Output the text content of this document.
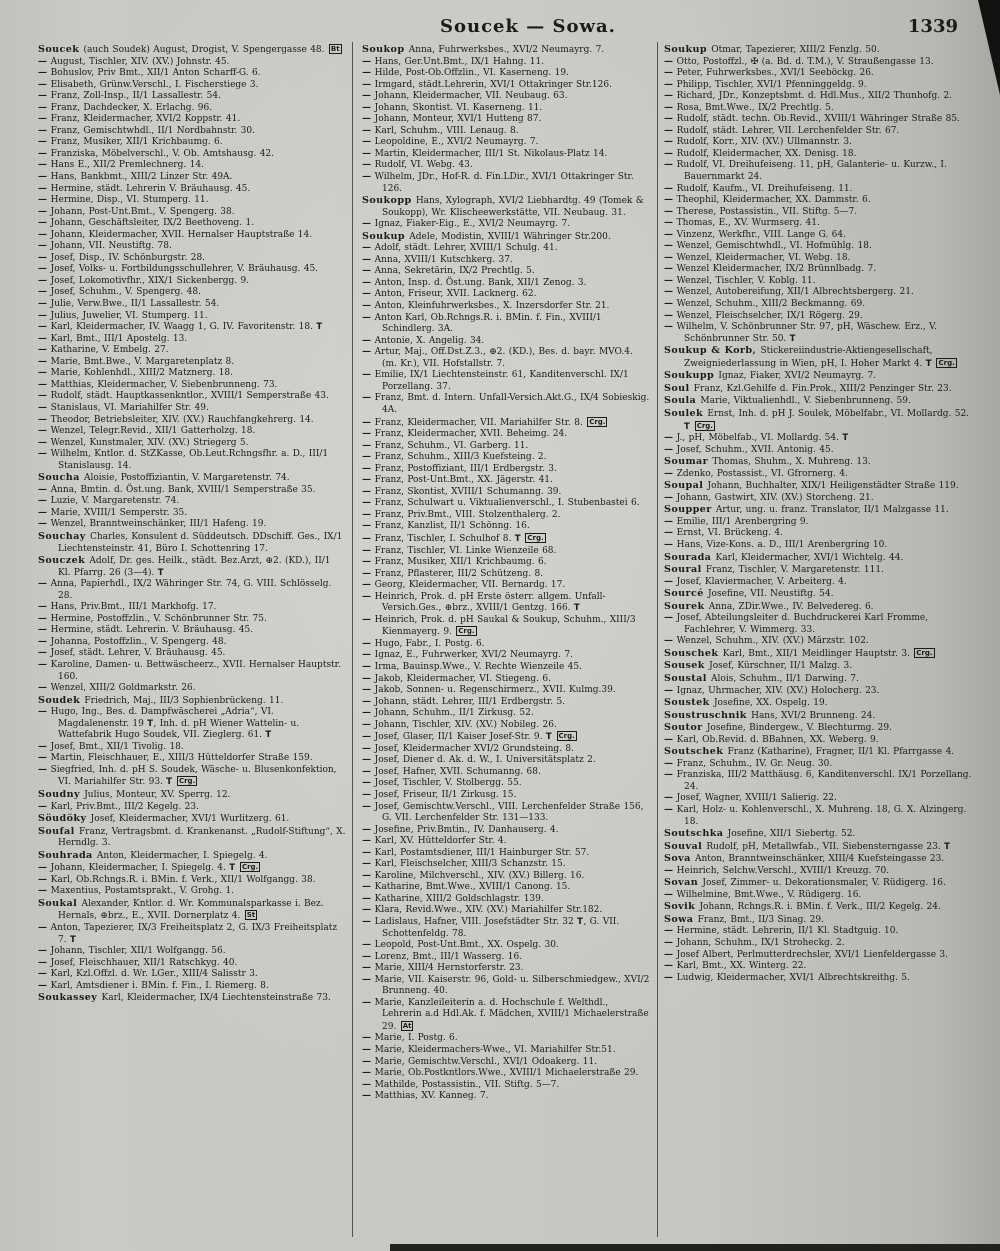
Soucek — Sowa.	1339
Soucek (auch Soudek) August, Drogist, V. Spengergasse 48. Bt
— August, Tischler, XIV. (XV.) Johnstr. 45.
— Bohuslov, Priv Bmt., XII/1 Anton Scharff-G. 6.
— Elisabeth, Grünw.Verschl., I. Fischerstiege 3.
— Franz, Zoll-Insp., II/1 Lassallestr. 54.
— Franz, Dachdecker, X. Erlachg. 96.
— Franz, Kleidermacher, XVI/2 Koppstr. 41.
— Franz, Gemischtwhdl., II/1 Nordbahnstr. 30.
— Franz, Musiker, XII/1 Krichbaumg. 6.
— Franziska, Möbelverschl., V. Ob. Amtshausg. 42.
— Hans E., XII/2 Premlechnerg. 14.
— Hans, Bankbmt., XIII/2 Linzer Str. 49A.
— Hermine, städt. Lehrerin V. Bräuhausg. 45.
— Hermine, Disp., VI. Stumperg. 11.
— Johann, Post-Unt.Bmt., V. Spengerg. 38.
— Johann, Geschäftsleiter, IX/2 Beethoveng. 1.
— Johann, Kleidermacher, XVII. Hernalser Hauptstraße 14.
— Johann, VII. Neustiftg. 78.
— Josef, Disp., IV. Schönburgstr. 28.
— Josef, Volks- u. Fortbildungsschullehrer, V. Bräuhausg. 45.
— Josef, Lokomotivfhr., XIX/1 Sickenbergg. 9.
— Josef, Schuhm., V. Spengerg. 48.
— Julie, Verw.Bwe., II/1 Lassallestr. 54.
— Julius, Juwelier, VI. Stumperg. 11.
— Karl, Kleidermacher, IV. Waagg 1, G. IV. Favoritenstr. 18. T
— Karl, Bmt., III/1 Apostelg. 13.
— Katharine, V. Embelg. 27.
— Marie, Bmt.Bwe., V. Margaretenplatz 8.
— Marie, Kohlenhdl., XIII/2 Matznerg. 18.
— Matthias, Kleidermacher, V. Siebenbrunneng. 73.
— Rudolf, städt. Hauptkassenkntlor., XVIII/1 Semperstraße 43.
— Stanislaus, VI. Mariahilfer Str. 49.
— Theodor, Betriebsleiter, XIV. (XV.) Rauchfangkehrerg. 14.
— Wenzel, Telegr.Revid., XII/1 Gatterholzg. 18.
— Wenzel, Kunstmaler, XIV. (XV.) Striegerg 5.
— Wilhelm, Kntlor. d. StZKasse, Ob.Leut.Rchngsfhr. a. D., III/1 Stanislausg. 14.
Soucha Aloisie, Postoffiziantin, V. Margaretenstr. 74.
— Anna, Bmtin. d. Öst.ung. Bank, XVIII/1 Semperstraße 35.
— Luzie, V. Margaretenstr. 74.
— Marie, XVIII/1 Semperstr. 35.
— Wenzel, Branntweinschänker, III/1 Hafeng. 19.
Souchay Charles, Konsulent d. Süddeutsch. DDschiff. Ges., IX/1 Liechtensteinstr. 41, Büro I. Schottenring 17.
Souczek Adolf, Dr. ges. Heilk., städt. Bez.Arzt, ⊕2. (KD.), II/1 Kl. Pfarrg. 26 (3—4). T
— Anna, Papierhdl., IX/2 Währinger Str. 74, G. VIII. Schlösselg. 28.
— Hans, Priv.Bmt., III/1 Markhofg. 17.
— Hermine, Postoffzlin., V. Schönbrunner Str. 75.
— Hermine, städt. Lehrerin. V. Bräuhausg. 45.
— Johanna, Postoffzlin., V. Spengerg. 48.
— Josef, städt. Lehrer, V. Bräuhausg. 45.
— Karoline, Damen- u. Bettwäscheerz., XVII. Hernalser Hauptstr. 160.
— Wenzel, XIII/2 Goldmarkstr. 26.
Soudek Friedrich, Maj., III/3 Sophienbrückeng. 11.
— Hugo, Ing., Bes. d. Dampfwäscherei „Adria“, VI. Magdalenenstr. 19 T, Inh. d. pH Wiener Wattelin- u. Wattefabrik Hugo Soudek, VII. Zieglerg. 61. T
— Josef, Bmt., XII/1 Tivolig. 18.
— Martin, Fleischhauer, E., XIII/3 Hütteldorfer Straße 159.
— Siegfried, Inh. d. pH S. Soudek, Wäsche- u. Blusenkonfektion, VI. Mariahilfer Str. 93. T Crg.
Soudny Julius, Monteur, XV. Sperrg. 12.
— Karl, Priv.Bmt., III/2 Kegelg. 23.
Söudöky Josef, Kleidermacher, XVI/1 Wurlitzerg. 61.
Soufal Franz, Vertragsbmt. d. Krankenanst. „Rudolf-Stiftung“, X. Herndlg. 3.
Souhrada Anton, Kleidermacher, I. Spiegelg. 4.
— Johann, Kleidermacher, I. Spiegelg. 4. T Crg.
— Karl, Ob.Rchngs.R. i. BMin. f. Verk., XII/1 Wolfgangg. 38.
— Maxentius, Postamtsprakt., V. Grohg. 1.
Soukal Alexander, Kntlor. d. Wr. Kommunalsparkasse i. Bez. Hernals, ⊕brz., E., XVII. Dornerplatz 4. St
— Anton, Tapezierer, IX/3 Freiheitsplatz 2, G. IX/3 Freiheitsplatz 7. T
— Johann, Tischler, XII/1 Wolfgangg. 56.
— Josef, Fleischhauer, XII/1 Ratschkyg. 40.
— Karl, Kzl.Offzl. d. Wr. LGer., XIII/4 Salisstr 3.
— Karl, Amtsdiener i. BMin. f. Fin., I. Riemerg. 8.
Soukassey Karl, Kleidermacher, IX/4 Liechtensteinstraße 73.
Soukop Anna, Fuhrwerksbes., XVI/2 Neumayrg. 7.
— Hans, Ger.Unt.Bmt., IX/1 Hahng. 11.
— Hilde, Post-Ob.Offzlin., VI. Kaserneng. 19.
— Irmgard, städt.Lehrerin, XVI/1 Ottakringer Str.126.
— Johann, Kleidermacher, VII. Neubaug. 63.
— Johann, Skontist. VI. Kaserneng. 11.
— Johann, Monteur, XVI/1 Hutteng 87.
— Karl, Schuhm., VIII. Lenaug. 8.
— Leopoldine, E., XVI/2 Neumayrg. 7.
— Martin, Kleidermacher, III/1 St. Nikolaus-Platz 14.
— Rudolf, VI. Webg. 43.
— Wilhelm, JDr., Hof-R. d. Fin.LDir., XVI/1 Ottakringer Str. 126.
Soukopp Hans, Xylograph, XVI/2 Liebhardtg. 49 (Tomek & Soukopp), Wr. Klischeewerkstätte, VII. Neubaug. 31.
— Ignaz, Fiaker-Eig., E., XVI/2 Neumayrg. 7.
Soukup Adele, Modistin, XVIII/1 Währinger Str.200.
— Adolf, städt. Lehrer, XVIII/1 Schulg. 41.
— Anna, XVIII/1 Kutschkerg. 37.
— Anna, Sekretärin, IX/2 Prechtlg. 5.
— Anton, Insp. d. Öst.ung. Bank, XII/1 Zenog. 3.
— Anton, Friseur, XVII. Lacknerg. 62.
— Anton, Kleinfuhrwerksbes., X. Inzersdorfer Str. 21.
— Anton Karl, Ob.Rchngs.R. i. BMin. f. Fin., XVIII/1 Schindlerg. 3A.
— Antonie, X. Angelig. 34.
— Artur, Maj., Off.Dst.Z.3., ⊕2. (KD.), Bes. d. bayr. MVO.4. (m. Kr.), VII. Hofstallstr. 7.
— Emilie, IX/1 Liechtensteinstr. 61, Kanditenverschl. IX/1 Porzellang. 37.
— Franz, Bmt. d. Intern. Unfall-Versich.Akt.G., IX/4 Sobieskig. 4A.
— Franz, Kleidermacher, VII. Mariahilfer Str. 8. Crg.
— Franz, Kleidermacher, XVII. Beheimg. 24.
— Franz, Schuhm., VI. Garberg. 11.
— Franz, Schuhm., XIII/3 Kuefsteing. 2.
— Franz, Postoffiziant, III/1 Erdbergstr. 3.
— Franz, Post-Unt.Bmt., XX. Jägerstr. 41.
— Franz, Skontist, XVIII/1 Schumanng. 39.
— Franz, Schulwart u. Viktualienverschl., I. Stubenbastei 6.
— Franz, Priv.Bmt., VIII. Stolzenthalerg. 2.
— Franz, Kanzlist, II/1 Schönng. 16.
— Franz, Tischler, I. Schulhof 8. T Crg.
— Franz, Tischler, VI. Linke Wienzeile 68.
— Franz, Musiker, XII/1 Krichbaumg. 6.
— Franz, Pflasterer, III/2 Schützeng. 8.
— Georg, Kleidermacher, VII. Bernardg. 17.
— Heinrich, Prok. d. pH Erste österr. allgem. Unfall-Versich.Ges., ⊕brz., XVIII/1 Gentzg. 166. T
— Heinrich, Prok. d. pH Saukal & Soukup, Schuhm., XIII/3 Kienmayerg. 9. Crg.
— Hugo, Fabr., I. Postg. 6.
— Ignaz, E., Fuhrwerker, XVI/2 Neumayrg. 7.
— Irma, Bauinsp.Wwe., V. Rechte Wienzeile 45.
— Jakob, Kleidermacher, VI. Stiegeng. 6.
— Jakob, Sonnen- u. Regenschirmerz., XVII. Kulmg.39.
— Johann, städt. Lehrer, III/1 Erdbergstr. 5.
— Johann, Schuhm., II/1 Zirkusg. 52.
— Johann, Tischler, XIV. (XV.) Nobileg. 26.
— Josef, Glaser, II/1 Kaiser Josef-Str. 9. T Crg.
— Josef, Kleidermacher XVI/2 Grundsteing. 8.
— Josef, Diener d. Ak. d. W., I. Universitätsplatz 2.
— Josef, Hafner, XVII. Schumanng. 68.
— Josef, Tischler, V. Stolbergg. 55.
— Josef, Friseur, II/1 Zirkusg. 15.
— Josef, Gemischtw.Verschl., VIII. Lerchenfelder Straße 156, G. VII. Lerchenfelder Str. 131—133.
— Josefine, Priv.Bmtin., IV. Danhauserg. 4.
— Karl, XV. Hütteldorfer Str. 4.
— Karl, Postamtsdiener, III/1 Hainburger Str. 57.
— Karl, Fleischselcher, XIII/3 Schanzstr. 15.
— Karoline, Milchverschl., XIV. (XV.) Billerg. 16.
— Katharine, Bmt.Wwe., XVIII/1 Canong. 15.
— Katharine, XIII/2 Goldschlagstr. 139.
— Klara, Revid.Wwe., XIV. (XV.) Mariahilfer Str.182.
— Ladislaus, Hafner, VIII. Josefstädter Str. 32 T, G. VII. Schottenfeldg. 78.
— Leopold, Post-Unt.Bmt., XX. Ospelg. 30.
— Lorenz, Bmt., III/1 Wasserg. 16.
— Marie, XIII/4 Hernstorferstr. 23.
— Marie, VII. Kaiserstr. 96, Gold- u. Silberschmiedgew., XVI/2 Brunneng. 40.
— Marie, Kanzleileiterin a. d. Hochschule f. Welthdl., Lehrerin a.d Hdl.Ak. f. Mädchen, XVIII/1 Michaelerstraße 29. At
— Marie, I. Postg. 6.
— Marie, Kleidermachers-Wwe., VI. Mariahilfer Str.51.
— Marie, Gemischtw.Verschl., XVI/1 Odoakerg. 11.
— Marie, Ob.Postkntlors.Wwe., XVIII/1 Michaelerstraße 29.
— Mathilde, Postassistin., VII. Stiftg. 5—7.
— Matthias, XV. Kanneg. 7.
Soukup Otmar, Tapezierer, XIII/2 Fenzlg. 50.
— Otto, Postoffzl., ✠ (a. Bd. d. T.M.), V. Straußengasse 13.
— Peter, Fuhrwerksbes., XVI/1 Seeböckg. 26.
— Philipp, Tischler, XVI/1 Pfenninggeldg. 9.
— Richard, JDr., Konzeptsbmt. d. Hdl.Mus., XII/2 Thunhofg. 2.
— Rosa, Bmt.Wwe., IX/2 Prechtlg. 5.
— Rudolf, städt. techn. Ob.Revid., XVIII/1 Währinger Straße 85.
— Rudolf, städt. Lehrer, VII. Lerchenfelder Str. 67.
— Rudolf, Korr., XIV. (XV.) Ullmannstr. 3.
— Rudolf, Kleidermacher, XX. Denisg. 18.
— Rudolf, VI. Dreihufeiseng. 11, pH, Galanterie- u. Kurzw., I. Bauernmarkt 24.
— Rudolf, Kaufm., VI. Dreihufeiseng. 11.
— Theophil, Kleidermacher, XX. Dammstr. 6.
— Therese, Postassistin., VII. Stiftg. 5—7.
— Thomas, E., XV. Wurmserg. 41.
— Vinzenz, Werkfhr., VIII. Lange G. 64.
— Wenzel, Gemischtwhdl., VI. Hofmühlg. 18.
— Wenzel, Kleidermacher, VI. Webg. 18.
— Wenzel Kleidermacher, IX/2 Brünnlbadg. 7.
— Wenzel, Tischler, V. Koblg. 11.
— Wenzel, Autobereifung, XII/1 Albrechtsbergerg. 21.
— Wenzel, Schuhm., XIII/2 Beckmanng. 69.
— Wenzel, Fleischselcher, IX/1 Rögerg. 29.
— Wilhelm, V. Schönbrunner Str. 97, pH, Wäschew. Erz., V. Schönbrunner Str. 50. T
Soukup & Korb, Stickereiindustrie-Aktiengesellschaft, Zweigniederlassung in Wien, pH, I. Hoher Markt 4. T Crg.
Soukupp Ignaz, Fiaker, XVI/2 Neumayrg. 7.
Soul Franz, Kzl.Gehilfe d. Fin.Prok., XIII/2 Penzinger Str. 23.
Soula Marie, Viktualienhdl., V. Siebenbrunneng. 59.
Soulek Ernst, Inh. d. pH J. Soulek, Möbelfabr., VI. Mollardg. 52. T Crg.
— J., pH, Möbelfab., VI. Mollardg. 54. T
— Josef, Schuhm., XVII. Antonig. 45.
Soumar Thomas, Shuhm., X. Muhreng. 13.
— Zdenko, Postassist., VI. Gfrornerg. 4.
Soupal Johann, Buchhalter, XIX/1 Heiligenstädter Straße 119.
— Johann, Gastwirt, XIV. (XV.) Storcheng. 21.
Soupper Artur, ung. u. franz. Translator, II/1 Malzgasse 11.
— Emilie, III/1 Arenbergring 9.
— Ernst, VI. Brückeng. 4.
— Hans, Vize-Kons. a. D., III/1 Arenbergring 10.
Sourada Karl, Kleidermacher, XVI/1 Wichtelg. 44.
Soural Franz, Tischler, V. Margaretenstr. 111.
— Josef, Klaviermacher, V. Arbeiterg. 4.
Sourcé Josefine, VII. Neustiftg. 54.
Sourek Anna, ZDir.Wwe., IV. Belvedereg. 6.
— Josef, Abteilungsleiter d. Buchdruckerei Karl Fromme, Fachlehrer, V. Wimmerg. 33.
— Wenzel, Schuhm., XIV. (XV.) Märzstr. 102.
Souschek Karl, Bmt., XII/1 Meidlinger Hauptstr. 3. Crg.
Sousek Josef, Kürschner, II/1 Malzg. 3.
Soustal Alois, Schuhm., II/1 Darwing. 7.
— Ignaz, Uhrmacher, XIV. (XV.) Holocherg. 23.
Soustek Josefine, XX. Ospelg. 19.
Soustruschnik Hans, XVI/2 Brunneng. 24.
Soutor Josefine, Bindergew., V. Blechturmg. 29.
— Karl, Ob.Revid. d. BBahnen, XX. Weberg. 9.
Soutschek Franz (Katharine), Fragner, II/1 Kl. Pfarrgasse 4.
— Franz, Schuhm., IV. Gr. Neug. 30.
— Franziska, III/2 Matthäusg. 6, Kanditenverschl. IX/1 Porzellang. 24.
— Josef, Wagner, XVIII/1 Salierig. 22.
— Karl, Holz- u. Kohlenverschl., X. Muhreng. 18, G. X. Alzingerg. 18.
Soutschka Josefine, XII/1 Siebertg. 52.
Souval Rudolf, pH, Metallwfab., VII. Siebensterngasse 23. T
Sova Anton, Branntweinschänker, XIII/4 Kuefsteingasse 23.
— Heinrich, Selchw.Verschl., XVIII/1 Kreuzg. 70.
Sovan Josef, Zimmer- u. Dekorationsmaler, V. Rüdigerg. 16.
— Wilhelmine, Bmt.Wwe., V. Rüdigerg. 16.
Sovik Johann, Rchngs.R. i. BMin. f. Verk., III/2 Kegelg. 24.
Sowa Franz, Bmt., II/3 Sinag. 29.
— Hermine, städt. Lehrerin, II/1 Kl. Stadtguig. 10.
— Johann, Schuhm., IX/1 Stroheckg. 2.
— Josef Albert, Perlmutterdrechsler, XVI/1 Lienfeldergasse 3.
— Karl, Bmt., XX. Winterg. 22.
— Ludwig, Kleidermacher, XVI/1 Albrechtskreithg. 5.
